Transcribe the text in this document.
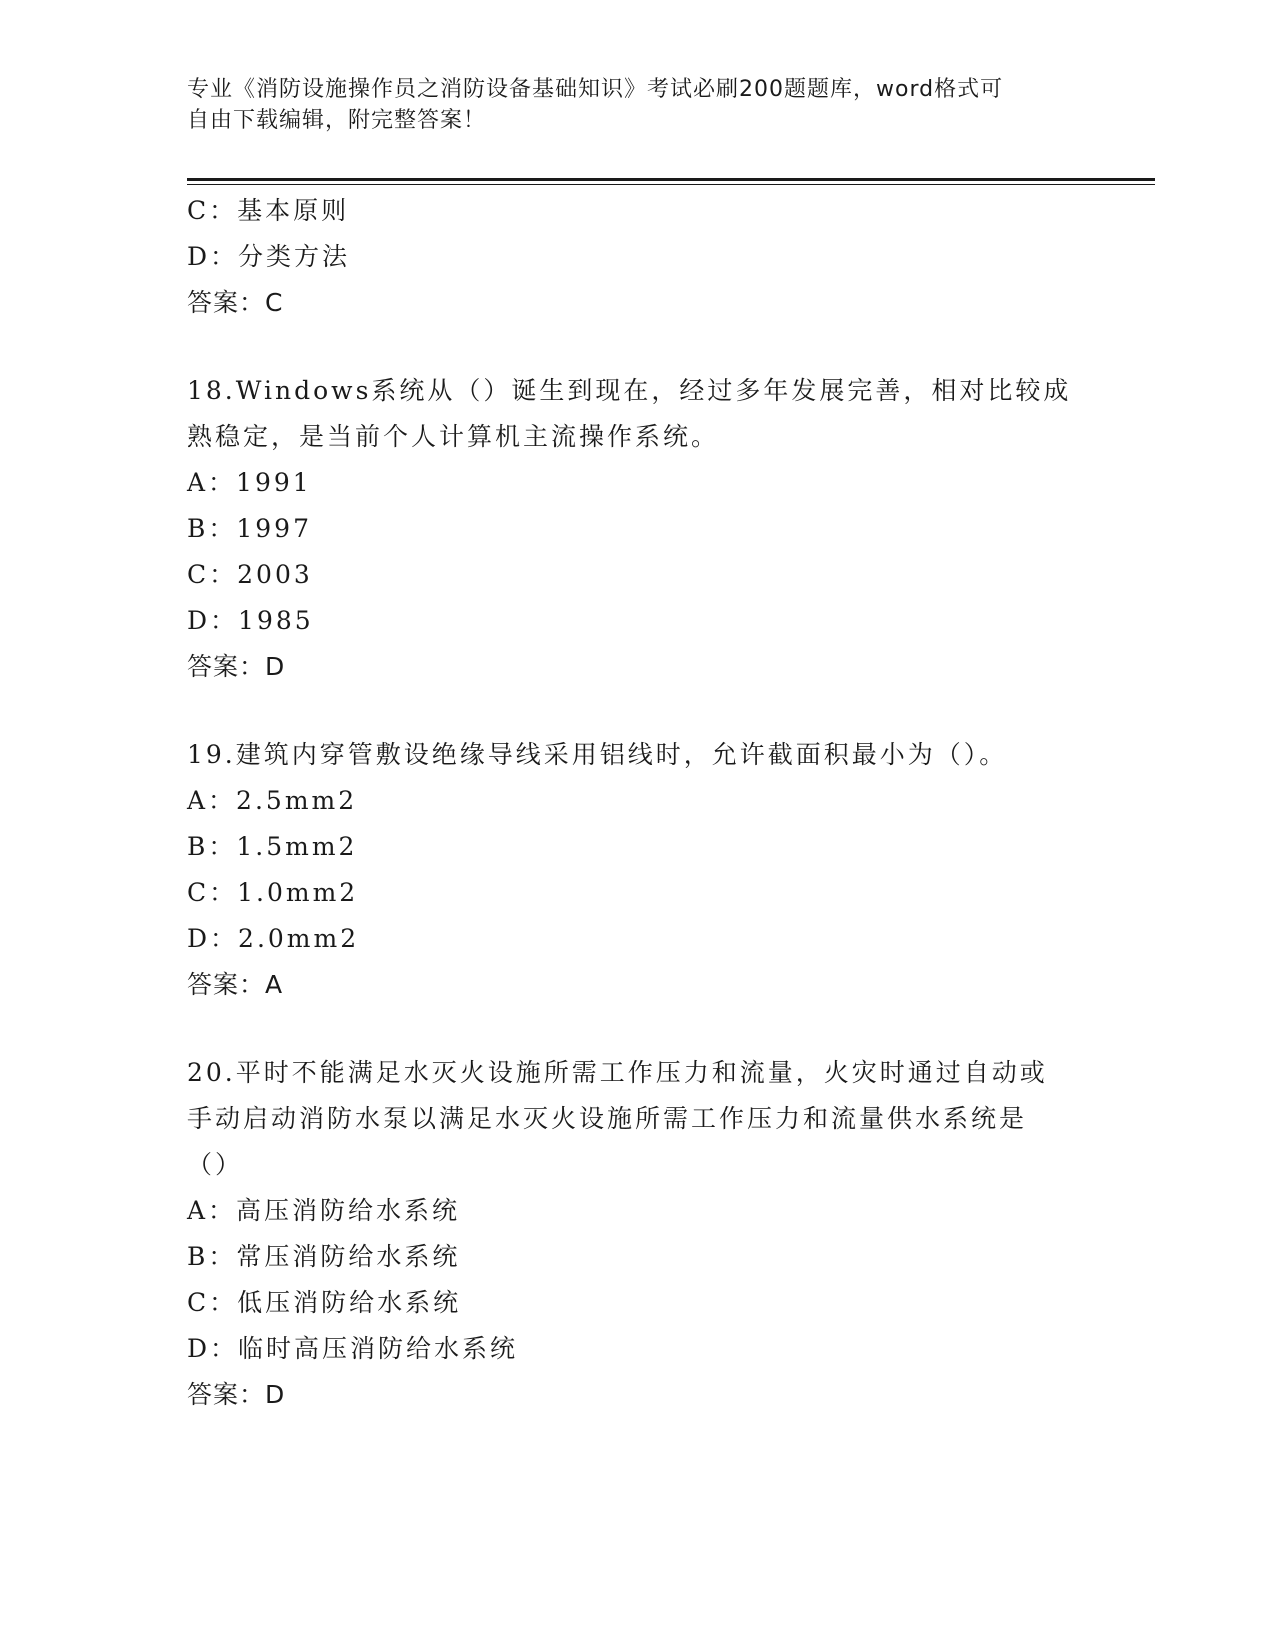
专业《消防设施操作员之消防设备基础知识》考试必刷200题题库，word格式可
自由下载编辑，附完整答案！
C：基本原则
D：分类方法
答案：C
18.Windows系统从（）诞生到现在，经过多年发展完善，相对比较成
熟稳定，是当前个人计算机主流操作系统。
A：1991
B：1997
C：2003
D：1985
答案：D
19.建筑内穿管敷设绝缘导线采用铝线时，允许截面积最小为（）。
A：2.5mm2
B：1.5mm2
C：1.0mm2
D：2.0mm2
答案：A
20.平时不能满足水灭火设施所需工作压力和流量，火灾时通过自动或
手动启动消防水泵以满足水灭火设施所需工作压力和流量供水系统是
（）
A：高压消防给水系统
B：常压消防给水系统
C：低压消防给水系统
D：临时高压消防给水系统
答案：D
